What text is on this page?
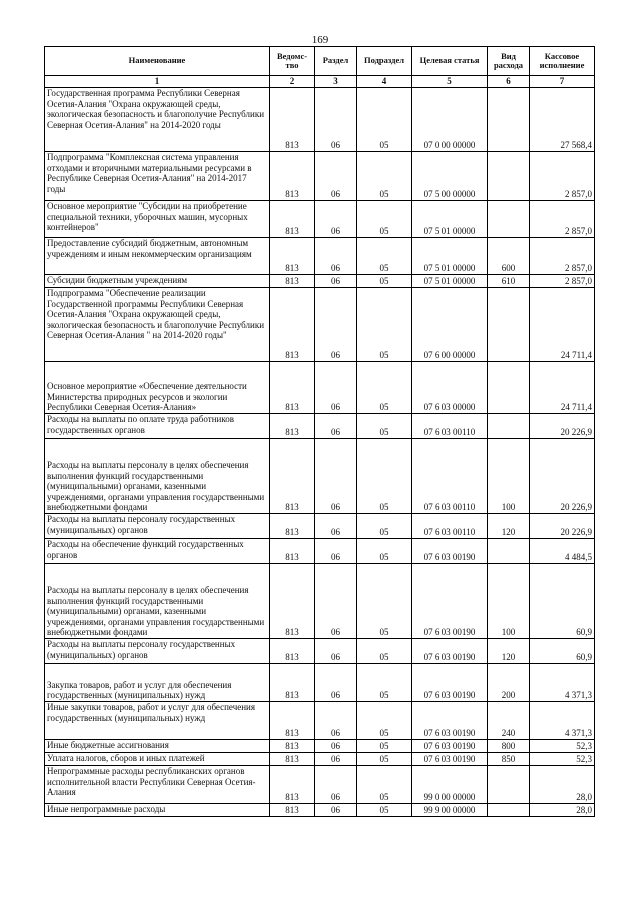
169
Наименование	Ведомс-тво	Раздел	Подраздел	Целевая статья	Вид расхода	Кассовое исполнение
1	2	3	4	5	6	7
Государственная программа Республики Северная Осетия-Алания "Охрана окружающей среды, экологическая безопасность и благополучие Республики Северная Осетия-Алания" на 2014-2020 годы	813	06	05	07 0 00 00000		27 568,4
Подпрограмма "Комплексная система управления отходами и вторичными материальными ресурсами в Республике Северная Осетия-Алания" на 2014-2017 годы	813	06	05	07 5 00 00000		2 857,0
Основное мероприятие "Субсидии на приобретение специальной техники, уборочных машин, мусорных контейнеров"	813	06	05	07 5 01 00000		2 857,0
Предоставление субсидий бюджетным, автономным учреждениям и иным некоммерческим организациям	813	06	05	07 5 01 00000	600	2 857,0
Субсидии бюджетным учреждениям	813	06	05	07 5 01 00000	610	2 857,0
Подпрограмма "Обеспечение реализации Государственной программы Республики Северная Осетия-Алания "Охрана окружающей среды, экологическая безопасность и благополучие Республики Северная Осетия-Алания " на 2014-2020 годы"	813	06	05	07 6 00 00000		24 711,4
Основное мероприятие «Обеспечение деятельности Министерства природных ресурсов и экологии Республики Северная Осетия-Алания»	813	06	05	07 6 03 00000		24 711,4
Расходы на выплаты по оплате труда работников государственных органов	813	06	05	07 6 03 00110		20 226,9
Расходы на выплаты персоналу в целях обеспечения выполнения функций государственными (муниципальными) органами, казенными учреждениями, органами управления государственными внебюджетными фондами	813	06	05	07 6 03 00110	100	20 226,9
Расходы на выплаты персоналу государственных (муниципальных) органов	813	06	05	07 6 03 00110	120	20 226,9
Расходы на обеспечение функций государственных органов	813	06	05	07 6 03 00190		4 484,5
Расходы на выплаты персоналу в целях обеспечения выполнения функций государственными (муниципальными) органами, казенными учреждениями, органами управления государственными внебюджетными фондами	813	06	05	07 6 03 00190	100	60,9
Расходы на выплаты персоналу государственных (муниципальных) органов	813	06	05	07 6 03 00190	120	60,9
Закупка товаров, работ и услуг для обеспечения государственных (муниципальных) нужд	813	06	05	07 6 03 00190	200	4 371,3
Иные закупки товаров, работ и услуг для обеспечения государственных (муниципальных) нужд	813	06	05	07 6 03 00190	240	4 371,3
Иные бюджетные ассигнования	813	06	05	07 6 03 00190	800	52,3
Уплата налогов, сборов и иных платежей	813	06	05	07 6 03 00190	850	52,3
Непрограммные расходы республиканских органов исполнительной власти Республики Северная Осетия-Алания	813	06	05	99 0 00 00000		28,0
Иные непрограммные расходы	813	06	05	99 9 00 00000		28,0
